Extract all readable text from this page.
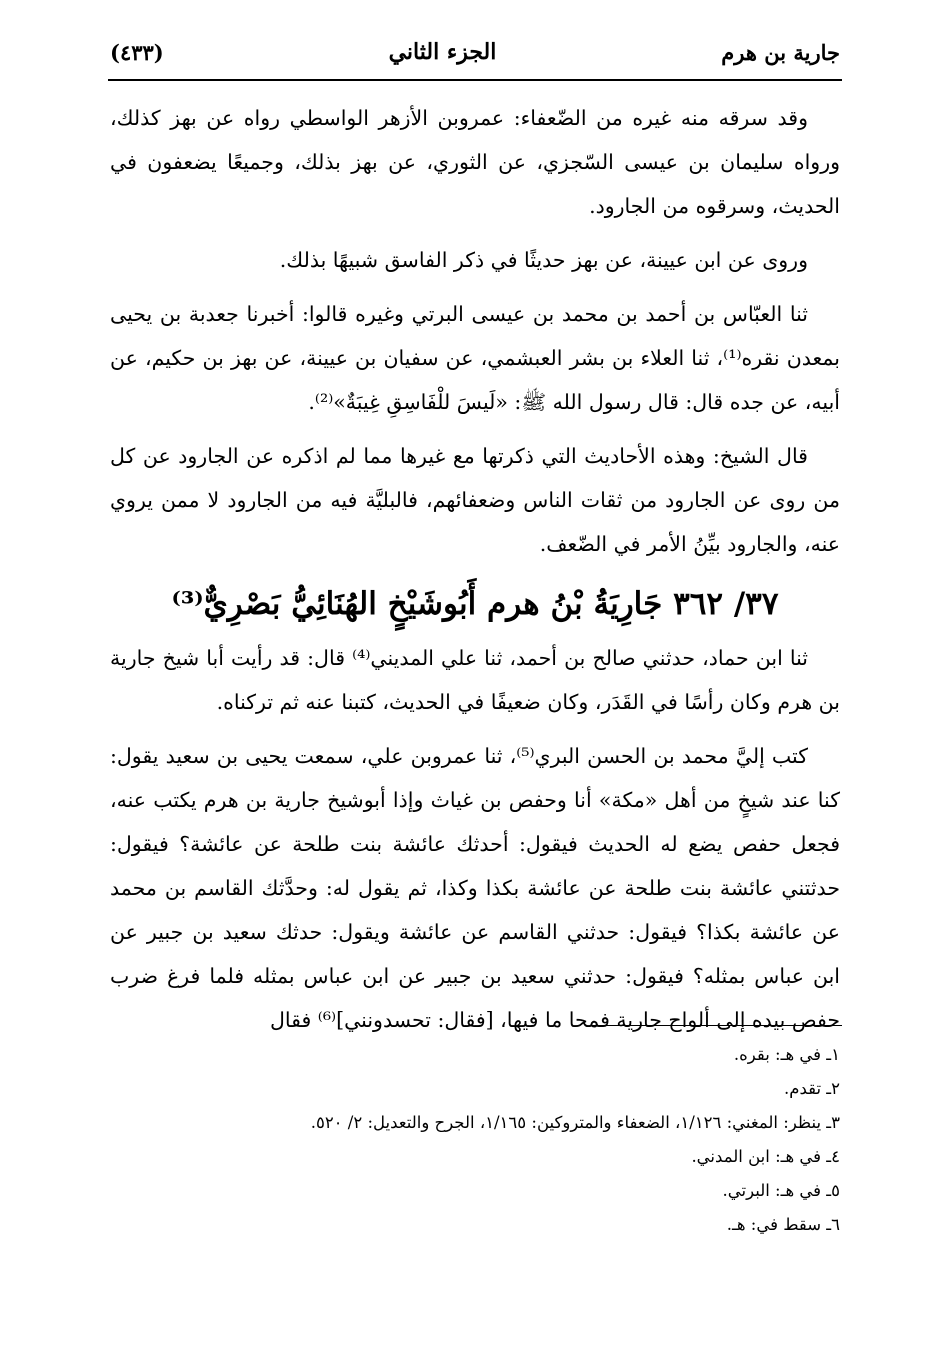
جارية بن هرم
الجزء الثاني
(٤٣٣)

وقد سرقه منه غيره من الضّعفاء: عمروبن الأزهر الواسطي رواه عن بهز كذلك، ورواه سليمان بن عيسى السّجزي، عن الثوري، عن بهز بذلك، وجميعًا يضعفون في الحديث، وسرقوه من الجارود.

وروى عن ابن عيينة، عن بهز حديثًا في ذكر الفاسق شبيهًا بذلك.

ثنا العبّاس بن أحمد بن محمد بن عيسى البرتي وغيره قالوا: أخبرنا جعدبة بن يحيى بمعدن نقره⁽¹⁾، ثنا العلاء بن بشر العبشمي، عن سفيان بن عيينة، عن بهز بن حكيم، عن أبيه، عن جده قال: قال رسول الله ﷺ: «لَيسَ للْفَاسِقِ غِيبَةٌ»⁽²⁾.

قال الشيخ: وهذه الأحاديث التي ذكرتها مع غيرها مما لم اذكره عن الجارود عن كل من روى عن الجارود من ثقات الناس وضعفائهم، فالبليَّة فيه من الجارود لا ممن يروي عنه، والجارود بيِّنُ الأمر في الضّعف.

٣٧/ ٣٦٢ جَارِيَةُ بْنُ هرم أَبُوشَيْخٍ الهُنَائِيُّ بَصْرِيٌّ⁽³⁾

ثنا ابن حماد، حدثني صالح بن أحمد، ثنا علي المديني⁽⁴⁾ قال: قد رأيت أبا شيخ جارية بن هرم وكان رأسًا في القَدَر، وكان ضعيفًا في الحديث، كتبنا عنه ثم تركناه.

كتب إليَّ محمد بن الحسن البري⁽⁵⁾، ثنا عمروبن علي، سمعت يحيى بن سعيد يقول: كنا عند شيخٍ من أهل «مكة» أنا وحفص بن غياث وإذا أبوشيخ جارية بن هرم يكتب عنه، فجعل حفص يضع له الحديث فيقول: أحدثك عائشة بنت طلحة عن عائشة؟ فيقول: حدثتني عائشة بنت طلحة عن عائشة بكذا وكذا، ثم يقول له: وحدَّثك القاسم بن محمد عن عائشة بكذا؟ فيقول: حدثني القاسم عن عائشة ويقول: حدثك سعيد بن جبير عن ابن عباس بمثله؟ فيقول: حدثني سعيد بن جبير عن ابن عباس بمثله فلما فرغ ضرب حفص بيده إلى ألواح جارية فمحا ما فيها، [فقال: تحسدونني]⁽⁶⁾ فقال

١ـ في هـ: بقره.
٢ـ تقدم.
٣ـ ينظر: المغني: ١/١٢٦، الضعفاء والمتروكين: ١/١٦٥، الجرح والتعديل: ٢/ ٥٢٠.
٤ـ في هـ: ابن المدني.
٥ـ في هـ: البرتي.
٦ـ سقط في: هـ.
